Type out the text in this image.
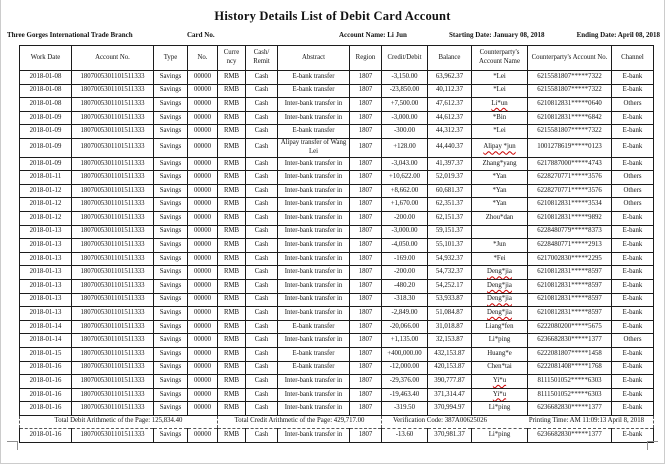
History Details List of Debit Card Account
Three Gorges International Trade Branch	Card No.	Account Name: Li Jun	Starting Date: January 08, 2018	Ending Date: April 08, 2018
Work Date	Account No.	Type	No.	Curre ncy	Cash/ Remit	Abstract	Region	Credit/Debit	Balance	Counterparty's Account Name	Counterparty's Account No.	Channel
2018-01-08	1807005301101511333	Savings	00000	RMB	Cash	E-bank transfer	1807	-3,150.00	63,962.37	*Lei	6215581807*****7322	E-bank
2018-01-08	1807005301101511333	Savings	00000	RMB	Cash	E-bank transfer	1807	-23,850.00	40,112.37	*Lei	6215581807*****7322	E-bank
2018-01-08	1807005301101511333	Savings	00000	RMB	Cash	Inter-bank transfer in	1807	+7,500.00	47,612.37	Li*un	6210812831*****0640	Others
2018-01-09	1807005301101511333	Savings	00000	RMB	Cash	Inter-bank transfer in	1807	-3,000.00	44,612.37	*Bin	6210812831*****6842	E-bank
2018-01-09	1807005301101511333	Savings	00000	RMB	Cash	E-bank transfer	1807	-300.00	44,312.37	*Lei	6215581807*****7322	E-bank
2018-01-09	1807005301101511333	Savings	00000	RMB	Cash	Alipay transfer of Wang Lei	1807	+128.00	44,440.37	Alipay *jun	1001278619*****0123	E-bank
2018-01-09	1807005301101511333	Savings	00000	RMB	Cash	Inter-bank transfer in	1807	-3,043.00	41,397.37	Zhang*yang	6217887000*****4743	E-bank
2018-01-11	1807005301101511333	Savings	00000	RMB	Cash	Inter-bank transfer in	1807	+10,622.00	52,019.37	*Yan	6228270771*****3576	Others
2018-01-12	1807005301101511333	Savings	00000	RMB	Cash	Inter-bank transfer in	1807	+8,662.00	60,681.37	*Yan	6228270771*****3576	Others
2018-01-12	1807005301101511333	Savings	00000	RMB	Cash	Inter-bank transfer in	1807	+1,670.00	62,351.37	*Yan	6210812831*****3534	Others
2018-01-12	1807005301101511333	Savings	00000	RMB	Cash	Inter-bank transfer in	1807	-200.00	62,151.37	Zhou*dan	6210812831*****9892	E-bank
2018-01-13	1807005301101511333	Savings	00000	RMB	Cash	Inter-bank transfer in	1807	-3,000.00	59,151.37		6228480779*****8373	E-bank
2018-01-13	1807005301101511333	Savings	00000	RMB	Cash	Inter-bank transfer in	1807	-4,050.00	55,101.37	*Jun	6228480771*****2913	E-bank
2018-01-13	1807005301101511333	Savings	00000	RMB	Cash	Inter-bank transfer in	1807	-169.00	54,932.37	*Fei	6217002830*****2295	E-bank
2018-01-13	1807005301101511333	Savings	00000	RMB	Cash	Inter-bank transfer in	1807	-200.00	54,732.37	Deng*jia	6210812831*****8597	E-bank
2018-01-13	1807005301101511333	Savings	00000	RMB	Cash	Inter-bank transfer in	1807	-480.20	54,252.17	Deng*jia	6210812831*****8597	E-bank
2018-01-13	1807005301101511333	Savings	00000	RMB	Cash	Inter-bank transfer in	1807	-318.30	53,933.87	Deng*jia	6210812831*****8597	E-bank
2018-01-13	1807005301101511333	Savings	00000	RMB	Cash	Inter-bank transfer in	1807	-2,849.00	51,084.87	Deng*jia	6210812831*****8597	E-bank
2018-01-14	1807005301101511333	Savings	00000	RMB	Cash	E-bank transfer	1807	-20,066.00	31,018.87	Liang*fen	6222080200*****5675	E-bank
2018-01-14	1807005301101511333	Savings	00000	RMB	Cash	Inter-bank transfer in	1807	+1,135.00	32,153.87	Li*ping	6236682830*****1377	Others
2018-01-15	1807005301101511333	Savings	00000	RMB	Cash	E-bank transfer	1807	+400,000.00	432,153.87	Huang*e	6222081807*****1458	E-bank
2018-01-16	1807005301101511333	Savings	00000	RMB	Cash	E-bank transfer	1807	-12,000.00	420,153.87	Chen*tai	6222081408*****1768	E-bank
2018-01-16	1807005301101511333	Savings	00000	RMB	Cash	Inter-bank transfer in	1807	-29,376.00	390,777.87	Yi*u	8111501052*****6303	E-bank
2018-01-16	1807005301101511333	Savings	00000	RMB	Cash	Inter-bank transfer in	1807	-19,463.40	371,314.47	Yi*u	8111501052*****6303	E-bank
2018-01-16	1807005301101511333	Savings	00000	RMB	Cash	Inter-bank transfer in	1807	-319.50	370,994.97	Li*ping	6236682830*****1377	E-bank
Total Debit Arithmetic of the Page: 125,834.40				Total Credit Arithmetic of the Page: 429,717.00				Verification Code: 387A00625026 Printing Time: AM 11:09:13 April 8, 2018				

2018-01-16	1807005301101511333	Savings	00000	RMB	Cash	Inter-bank transfer in	1807	-13.60	370,981.37	Li*ping	6236682830*****1377	E-bank
